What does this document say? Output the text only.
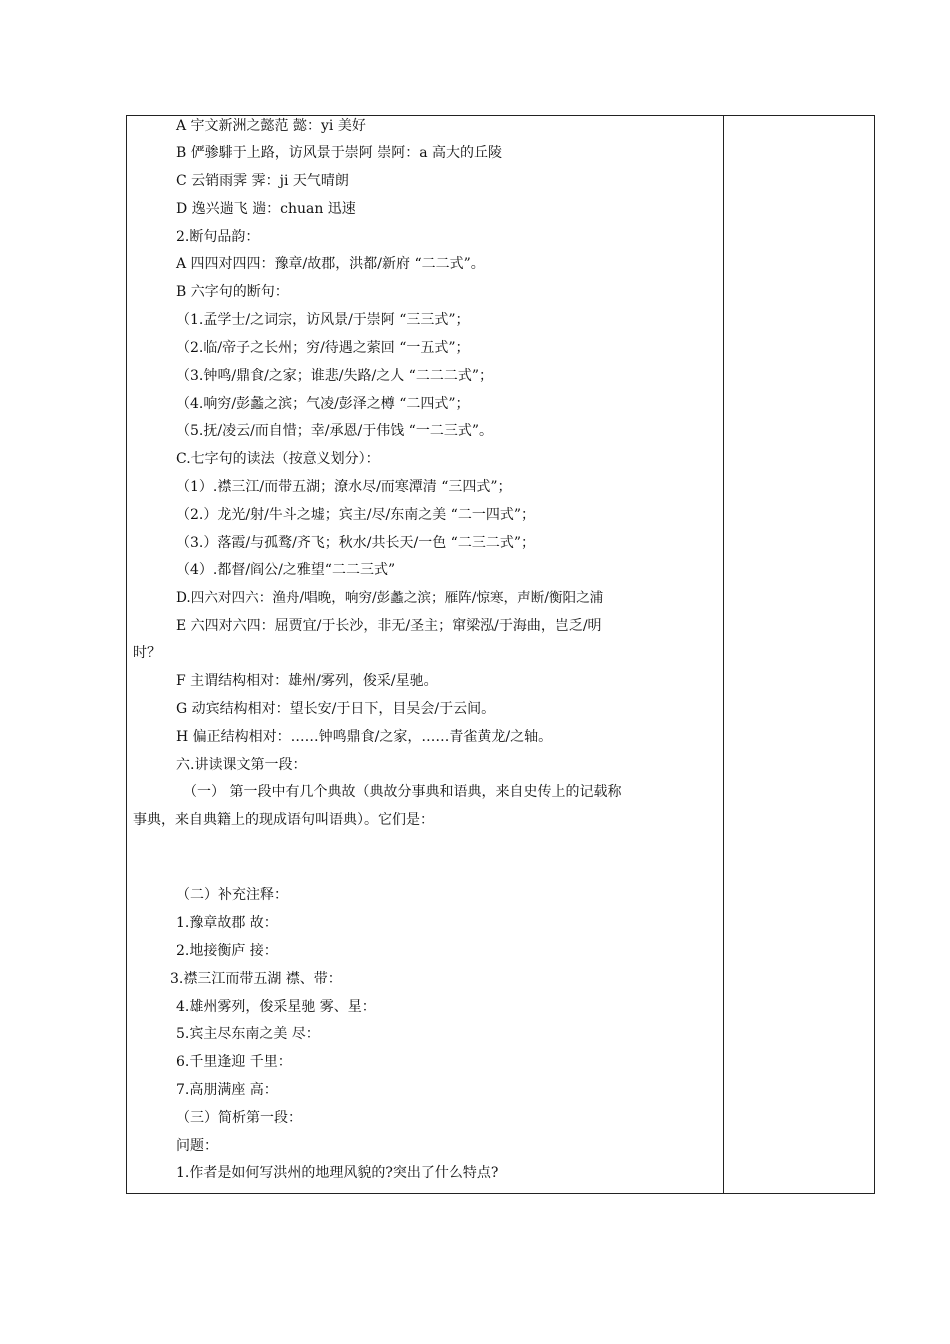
A 宇文新洲之懿范 懿：yi 美好
B 俨骖騑于上路，访风景于崇阿 崇阿：a 高大的丘陵
C 云销雨霁 霁：ji 天气晴朗
D 逸兴遄飞 遄：chuan 迅速
2.断句品韵：
A 四四对四四：豫章/故郡，洪都/新府 “二二式”。
B 六字句的断句：
（1.孟学士/之词宗，访风景/于崇阿 “三三式”；
（2.临/帝子之长州；穷/待遇之萦回 “一五式”；
（3.钟鸣/鼎食/之家；谁悲/失路/之人 “二二二式”；
（4.响穷/彭蠡之滨；气凌/彭泽之樽 “二四式”；
（5.抚/凌云/而自惜；幸/承恩/于伟饯 “一二三式”。
C.七字句的读法（按意义划分）：
（1）.襟三江/而带五湖；潦水尽/而寒潭清 “三四式”；
（2.）龙光/射/牛斗之墟；宾主/尽/东南之美 “二一四式”；
（3.）落霞/与孤鹜/齐飞；秋水/共长天/一色 “二三二式”；
（4）.都督/阎公/之雅望“二二三式”
D.四六对四六：渔舟/唱晚，响穷/彭蠡之滨；雁阵/惊寒，声断/衡阳之浦
E 六四对六四：屈贾宜/于长沙，非无/圣主；窜梁泓/于海曲，岂乏/明
时？
F 主谓结构相对：雄州/雾列，俊采/星驰。
G 动宾结构相对：望长安/于日下，目吴会/于云间。
H 偏正结构相对：……钟鸣鼎食/之家，……青雀黄龙/之轴。
六.讲读课文第一段：
（一） 第一段中有几个典故（典故分事典和语典，来自史传上的记载称
事典，来自典籍上的现成语句叫语典）。它们是：
（二）补充注释：
1.豫章故郡 故：
2.地接衡庐 接：
3.襟三江而带五湖 襟、带：
4.雄州雾列，俊采星驰 雾、星：
5.宾主尽东南之美 尽：
6.千里逢迎 千里：
7.高朋满座 高：
（三）简析第一段：
问题：
1.作者是如何写洪州的地理风貌的?突出了什么特点?
